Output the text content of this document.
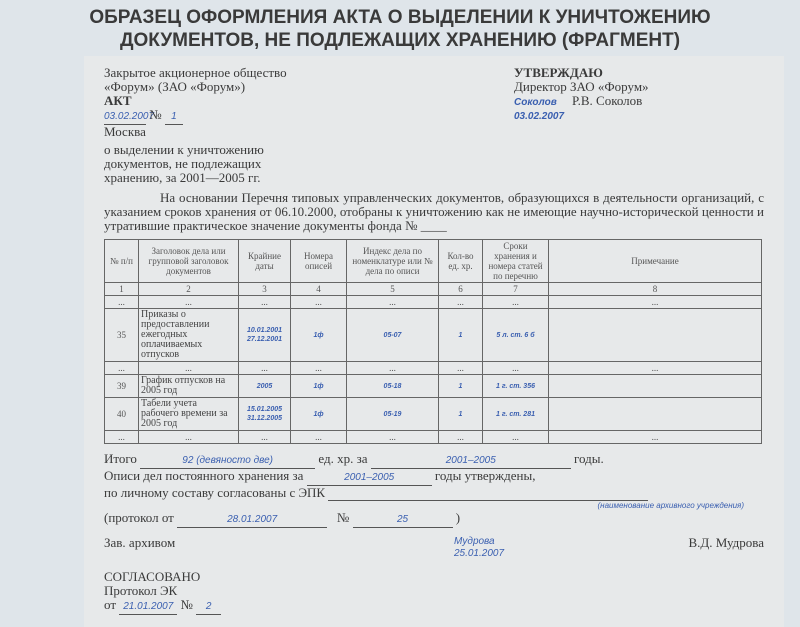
ОБРАЗЕЦ ОФОРМЛЕНИЯ АКТА О ВЫДЕЛЕНИИ К УНИЧТОЖЕНИЮ
ДОКУМЕНТОВ, НЕ ПОДЛЕЖАЩИХ ХРАНЕНИЮ (ФРАГМЕНТ)
Закрытое акционерное общество
«Форум» (ЗАО «Форум»)
АКТ
03.02.2007 № 1
Москва
о выделении к уничтожению
документов, не подлежащих
хранению, за 2001—2005 гг.
УТВЕРЖДАЮ
Директор ЗАО «Форум»
Соколов Р.В. Соколов
03.02.2007
На основании Перечня типовых управленческих документов, образующихся в деятельности организаций, с указанием сроков хранения от 06.10.2000, отобраны к уничтожению как не имеющие научно-исторической ценности и утратившие практическое значение документы фонда № ____
№ п/п	Заголовок дела или групповой заголовок документов	Крайние даты	Номера описей	Индекс дела по номенклатуре или № дела по описи	Кол-во ед. хр.	Сроки хранения и номера статей по перечню	Примечание
1	2	3	4	5	6	7	8
...	...	...	...	...	...	...	...
35	Приказы о предоставлении ежегодных оплачиваемых отпусков	10.01.2001 27.12.2001	1ф	05-07	1	5 л. ст. 6 б	
...	...	...	...	...	...	...	...
39	График отпусков на 2005 год	2005	1ф	05-18	1	1 г. ст. 356	
40	Табели учета рабочего времени за 2005 год	15.01.2005 31.12.2005	1ф	05-19	1	1 г. ст. 281	
...	...	...	...	...	...	...	...
Итого	92 (девяносто две)	ед. хр. за	2001–2005	годы.
Описи дел постоянного хранения за	2001–2005	годы утверждены,
по личному составу согласованы с ЭПК
(наименование архивного учреждения)
(протокол от	28.01.2007	№	25	)
Зав. архивом	Мудрова
25.01.2007
В.Д. Мудрова
СОГЛАСОВАНО
Протокол ЭК
от 21.01.2007 № 2
